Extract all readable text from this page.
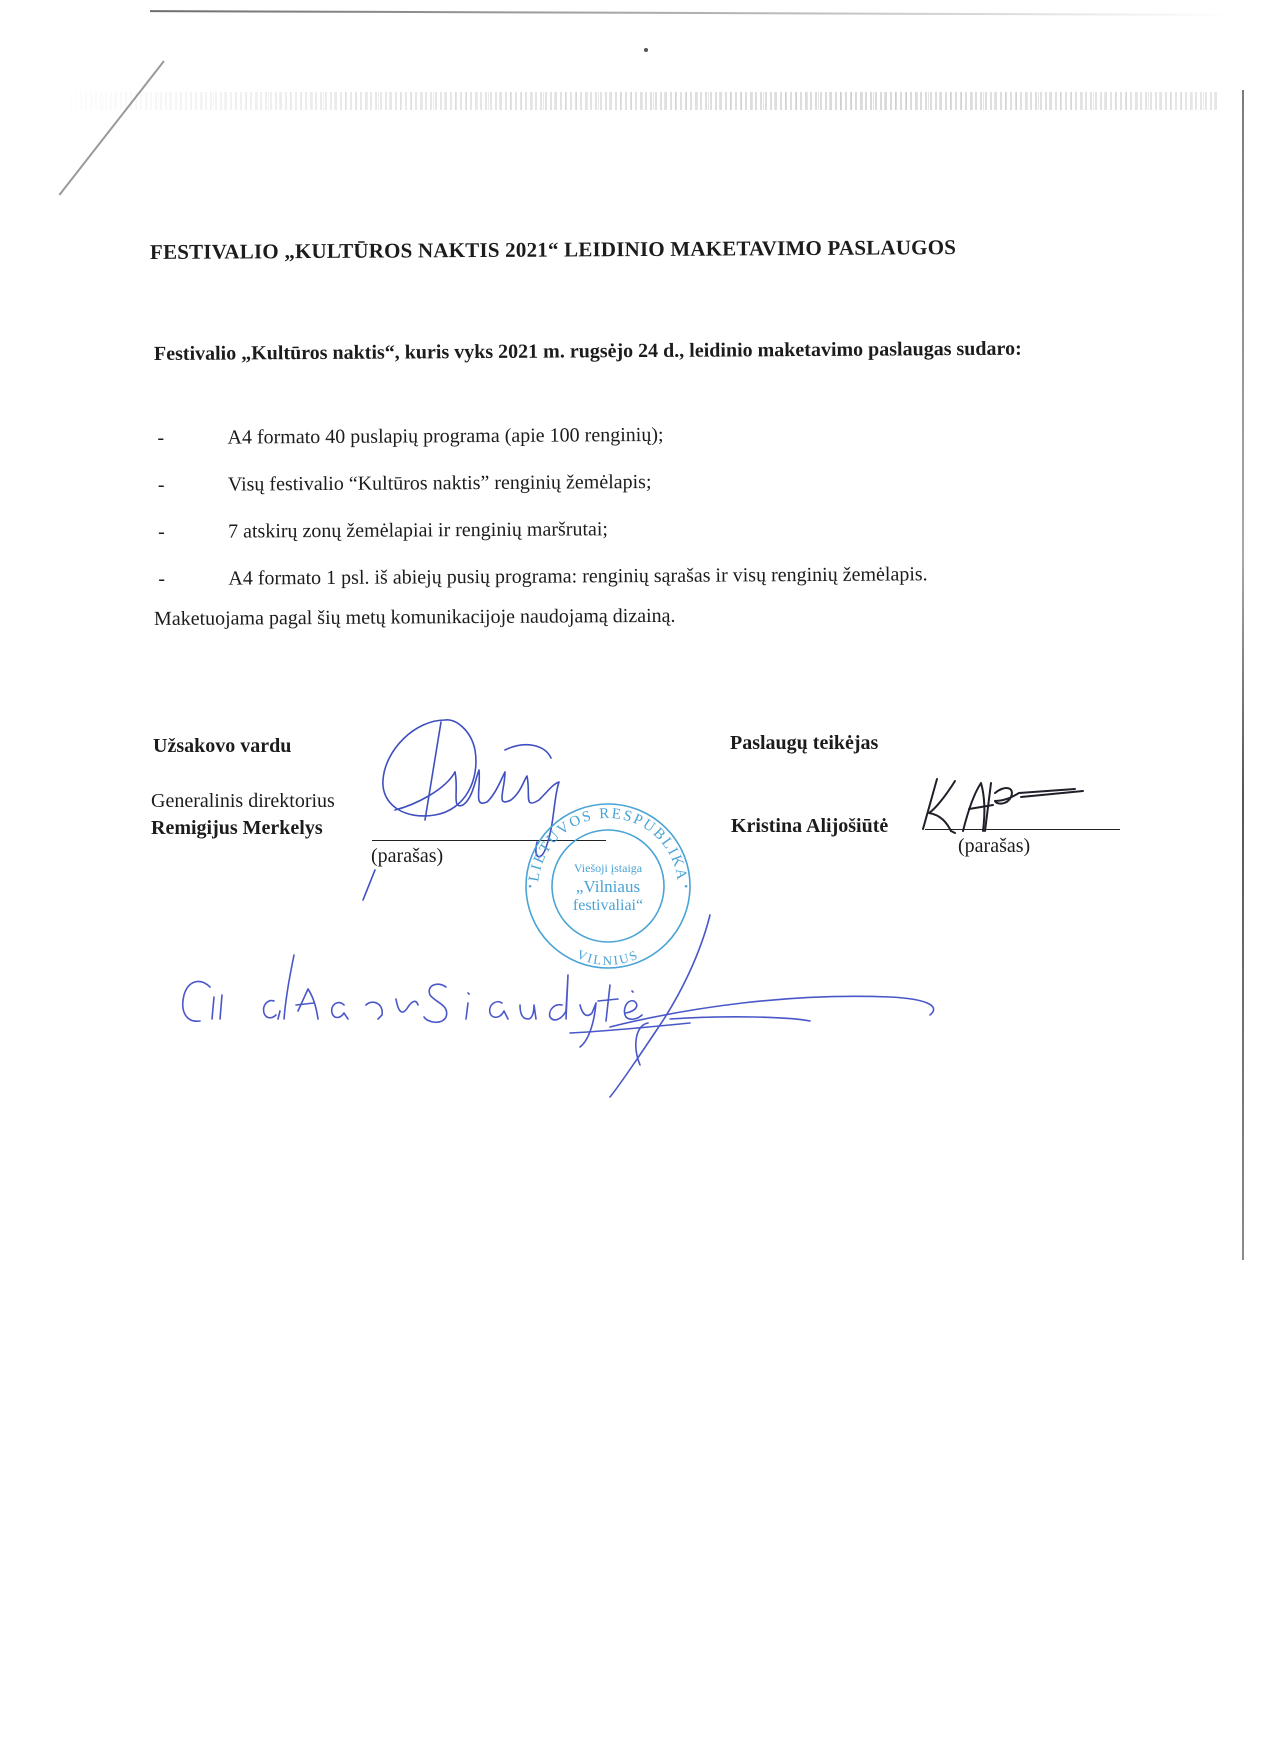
FESTIVALIO „KULTŪROS NAKTIS 2021“ LEIDINIO MAKETAVIMO PASLAUGOS
Festivalio „Kultūros naktis“, kuris vyks 2021 m. rugsėjo 24 d., leidinio maketavimo paslaugas sudaro:
-	A4 formato 40 puslapių programa (apie 100 renginių);
-	Visų festivalio “Kultūros naktis” renginių žemėlapis;
-	7 atskirų zonų žemėlapiai ir renginių maršrutai;
-	A4 formato 1 psl. iš abiejų pusių programa: renginių sąrašas ir visų renginių žemėlapis.
Maketuojama pagal šių metų komunikacijoje naudojamą dizainą.
Užsakovo vardu
Generalinis direktorius
Remigijus Merkelys
(parašas)
Paslaugų teikėjas
Kristina Alijošiūtė
(parašas)
LIETUVOS RESPUBLIKA
VILNIUS
Viešoji įstaiga
„Vilniaus
festivaliai“
•	•
